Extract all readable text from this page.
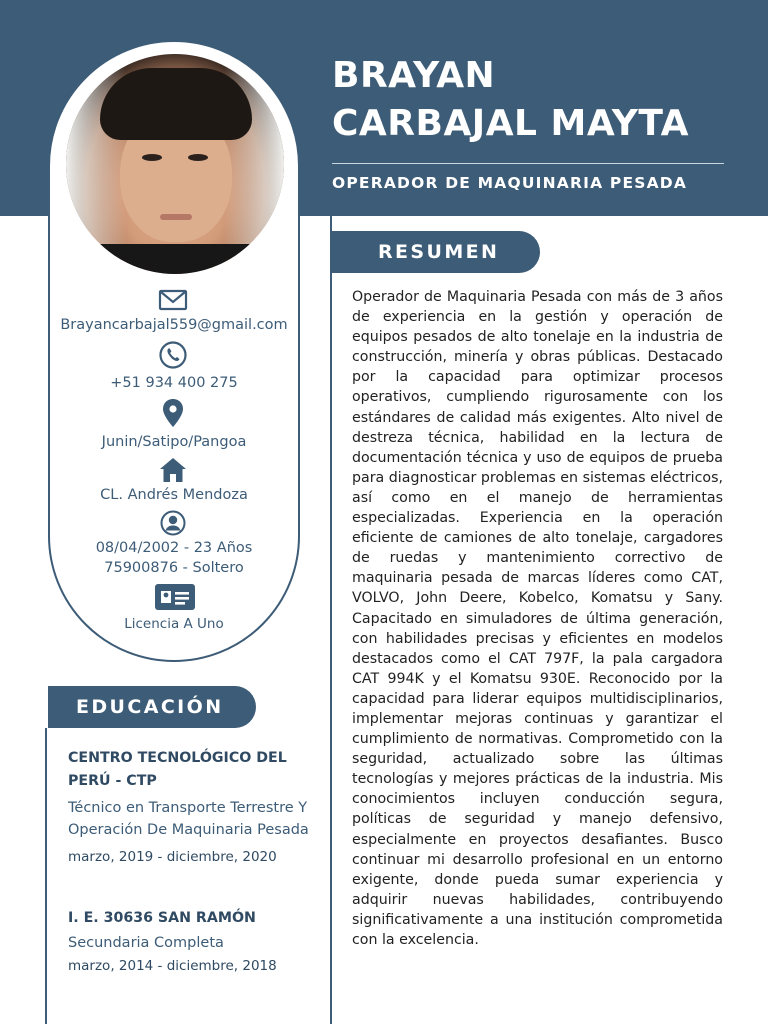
BRAYAN
CARBAJAL MAYTA
OPERADOR DE MAQUINARIA PESADA
Brayancarbajal559@gmail.com
+51 934 400 275
Junin/Satipo/Pangoa
CL. Andrés Mendoza
08/04/2002 - 23 Años
75900876 - Soltero
Licencia A Uno
RESUMEN
Operador de Maquinaria Pesada con más de 3 años de experiencia en la gestión y operación de equipos pesados de alto tonelaje en la industria de construcción, minería y obras públicas. Destacado por la capacidad para optimizar procesos operativos, cumpliendo rigurosamente con los estándares de calidad más exigentes. Alto nivel de destreza técnica, habilidad en la lectura de documentación técnica y uso de equipos de prueba para diagnosticar problemas en sistemas eléctricos, así como en el manejo de herramientas especializadas. Experiencia en la operación eficiente de camiones de alto tonelaje, cargadores de ruedas y mantenimiento correctivo de maquinaria pesada de marcas líderes como CAT, VOLVO, John Deere, Kobelco, Komatsu y Sany. Capacitado en simuladores de última generación, con habilidades precisas y eficientes en modelos destacados como el CAT 797F, la pala cargadora CAT 994K y el Komatsu 930E. Reconocido por la capacidad para liderar equipos multidisciplinarios, implementar mejoras continuas y garantizar el cumplimiento de normativas. Comprometido con la seguridad, actualizado sobre las últimas tecnologías y mejores prácticas de la industria. Mis conocimientos incluyen conducción segura, políticas de seguridad y manejo defensivo, especialmente en proyectos desafiantes. Busco continuar mi desarrollo profesional en un entorno exigente, donde pueda sumar experiencia y adquirir nuevas habilidades, contribuyendo significativamente a una institución comprometida con la excelencia.
EDUCACIÓN
CENTRO TECNOLÓGICO DEL PERÚ - CTP
Técnico en Transporte Terrestre Y Operación De Maquinaria Pesada
marzo, 2019 - diciembre, 2020
I. E. 30636 SAN RAMÓN
Secundaria Completa
marzo, 2014 - diciembre, 2018
